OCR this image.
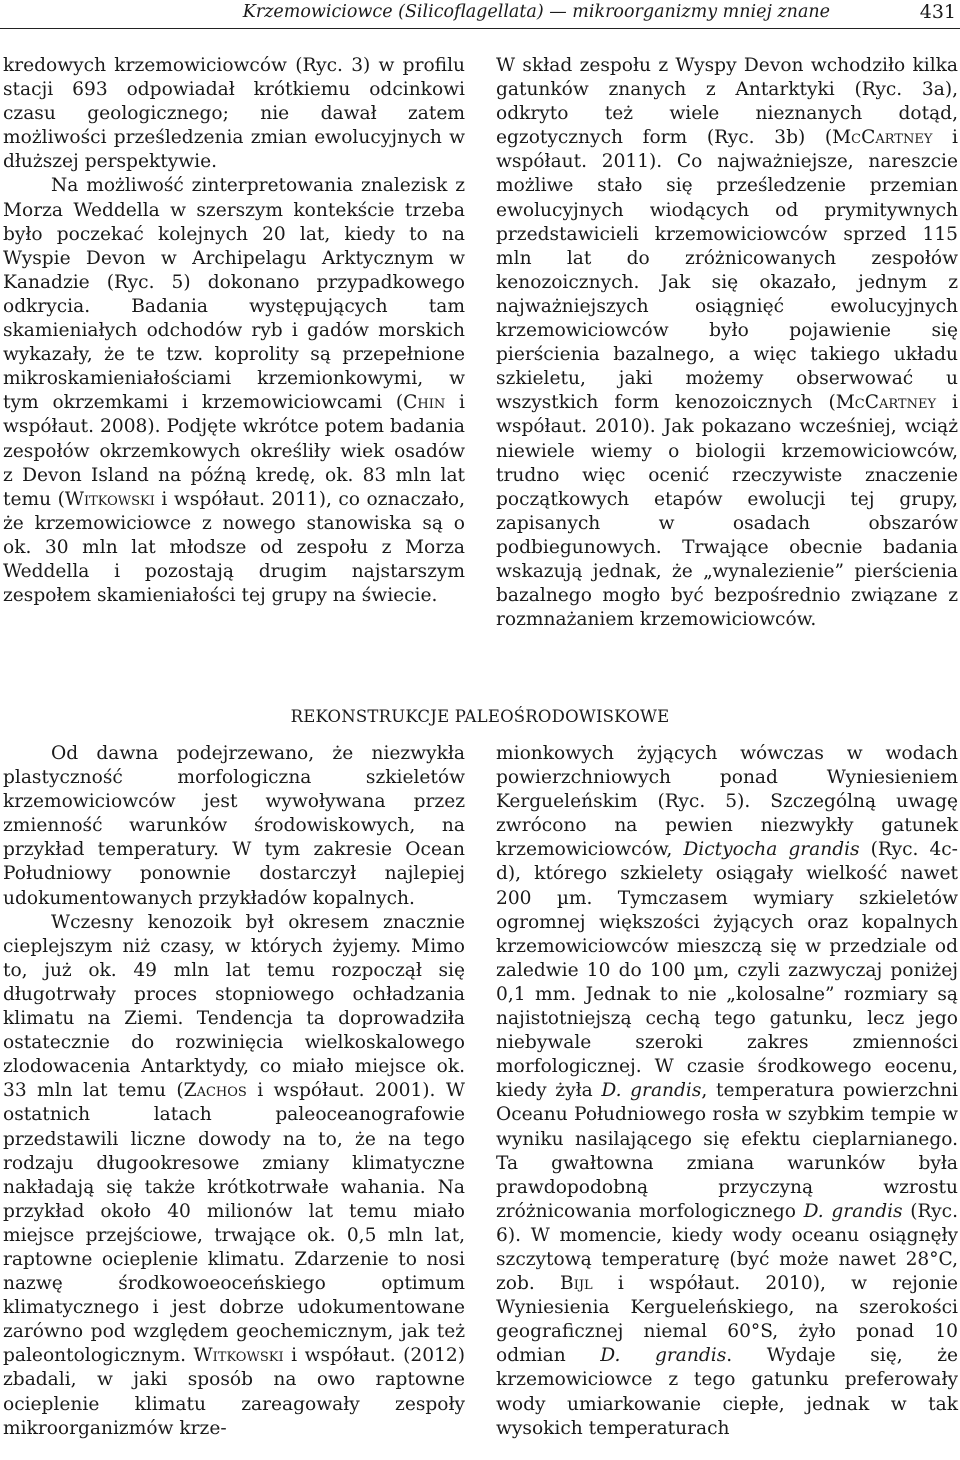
Krzemowiciowce (Silicoflagellata) — mikroorganizmy mniej znane	431

kredowych krzemowiciowców (Ryc. 3) w profilu stacji 693 odpowiadał krótkiemu odcinkowi czasu geologicznego; nie dawał zatem możliwości prześledzenia zmian ewolucyjnych w dłuższej perspektywie.

Na możliwość zinterpretowania znalezisk z Morza Weddella w szerszym kontekście trzeba było poczekać kolejnych 20 lat, kiedy to na Wyspie Devon w Archipelagu Arktycznym w Kanadzie (Ryc. 5) dokonano przypadkowego odkrycia. Badania występujących tam skamieniałych odchodów ryb i gadów morskich wykazały, że te tzw. koprolity są przepełnione mikroskamieniałościami krzemionkowymi, w tym okrzemkami i krzemowiciowcami (Chin i współaut. 2008). Podjęte wkrótce potem badania zespołów okrzemkowych określiły wiek osadów z Devon Island na późną kredę, ok. 83 mln lat temu (Witkowski i współaut. 2011), co oznaczało, że krzemowiciowce z nowego stanowiska są o ok. 30 mln lat młodsze od zespołu z Morza Weddella i pozostają drugim najstarszym zespołem skamieniałości tej grupy na świecie.

W skład zespołu z Wyspy Devon wchodziło kilka gatunków znanych z Antarktyki (Ryc. 3a), odkryto też wiele nieznanych dotąd, egzotycznych form (Ryc. 3b) (McCartney i współaut. 2011). Co najważniejsze, nareszcie możliwe stało się prześledzenie przemian ewolucyjnych wiodących od prymitywnych przedstawicieli krzemowiciowców sprzed 115 mln lat do zróżnicowanych zespołów kenozoicznych. Jak się okazało, jednym z najważniejszych osiągnięć ewolucyjnych krzemowiciowców było pojawienie się pierścienia bazalnego, a więc takiego układu szkieletu, jaki możemy obserwować u wszystkich form kenozoicznych (McCartney i współaut. 2010). Jak pokazano wcześniej, wciąż niewiele wiemy o biologii krzemowiciowców, trudno więc ocenić rzeczywiste znaczenie początkowych etapów ewolucji tej grupy, zapisanych w osadach obszarów podbiegunowych. Trwające obecnie badania wskazują jednak, że „wynalezienie” pierścienia bazalnego mogło być bezpośrednio związane z rozmnażaniem krzemowiciowców.

REKONSTRUKCJE PALEOŚRODOWISKOWE

Od dawna podejrzewano, że niezwykła plastyczność morfologiczna szkieletów krzemowiciowców jest wywoływana przez zmienność warunków środowiskowych, na przykład temperatury. W tym zakresie Ocean Południowy ponownie dostarczył najlepiej udokumentowanych przykładów kopalnych.

Wczesny kenozoik był okresem znacznie cieplejszym niż czasy, w których żyjemy. Mimo to, już ok. 49 mln lat temu rozpoczął się długotrwały proces stopniowego ochładzania klimatu na Ziemi. Tendencja ta doprowadziła ostatecznie do rozwinięcia wielkoskalowego zlodowacenia Antarktydy, co miało miejsce ok. 33 mln lat temu (Zachos i współaut. 2001). W ostatnich latach paleoceanografowie przedstawili liczne dowody na to, że na tego rodzaju długookresowe zmiany klimatyczne nakładają się także krótkotrwałe wahania. Na przykład około 40 milionów lat temu miało miejsce przejściowe, trwające ok. 0,5 mln lat, raptowne ocieplenie klimatu. Zdarzenie to nosi nazwę środkowoeoceńskiego optimum klimatycznego i jest dobrze udokumentowane zarówno pod względem geochemicznym, jak też paleontologicznym. Witkowski i współaut. (2012) zbadali, w jaki sposób na owo raptowne ocieplenie klimatu zareagowały zespoły mikroorganizmów krze-

mionkowych żyjących wówczas w wodach powierzchniowych ponad Wyniesieniem Kergueleńskim (Ryc. 5). Szczególną uwagę zwrócono na pewien niezwykły gatunek krzemowiciowców, Dictyocha grandis (Ryc. 4c-d), którego szkielety osiągały wielkość nawet 200 µm. Tymczasem wymiary szkieletów ogromnej większości żyjących oraz kopalnych krzemowiciowców mieszczą się w przedziale od zaledwie 10 do 100 µm, czyli zazwyczaj poniżej 0,1 mm. Jednak to nie „kolosalne” rozmiary są najistotniejszą cechą tego gatunku, lecz jego niebywale szeroki zakres zmienności morfologicznej. W czasie środkowego eocenu, kiedy żyła D. grandis, temperatura powierzchni Oceanu Południowego rosła w szybkim tempie w wyniku nasilającego się efektu cieplarnianego. Ta gwałtowna zmiana warunków była prawdopodobną przyczyną wzrostu zróżnicowania morfologicznego D. grandis (Ryc. 6). W momencie, kiedy wody oceanu osiągnęły szczytową temperaturę (być może nawet 28°C, zob. Bijl i współaut. 2010), w rejonie Wyniesienia Kergueleńskiego, na szerokości geograficznej niemal 60°S, żyło ponad 10 odmian D. grandis. Wydaje się, że krzemowiciowce z tego gatunku preferowały wody umiarkowanie ciepłe, jednak w tak wysokich temperaturach
